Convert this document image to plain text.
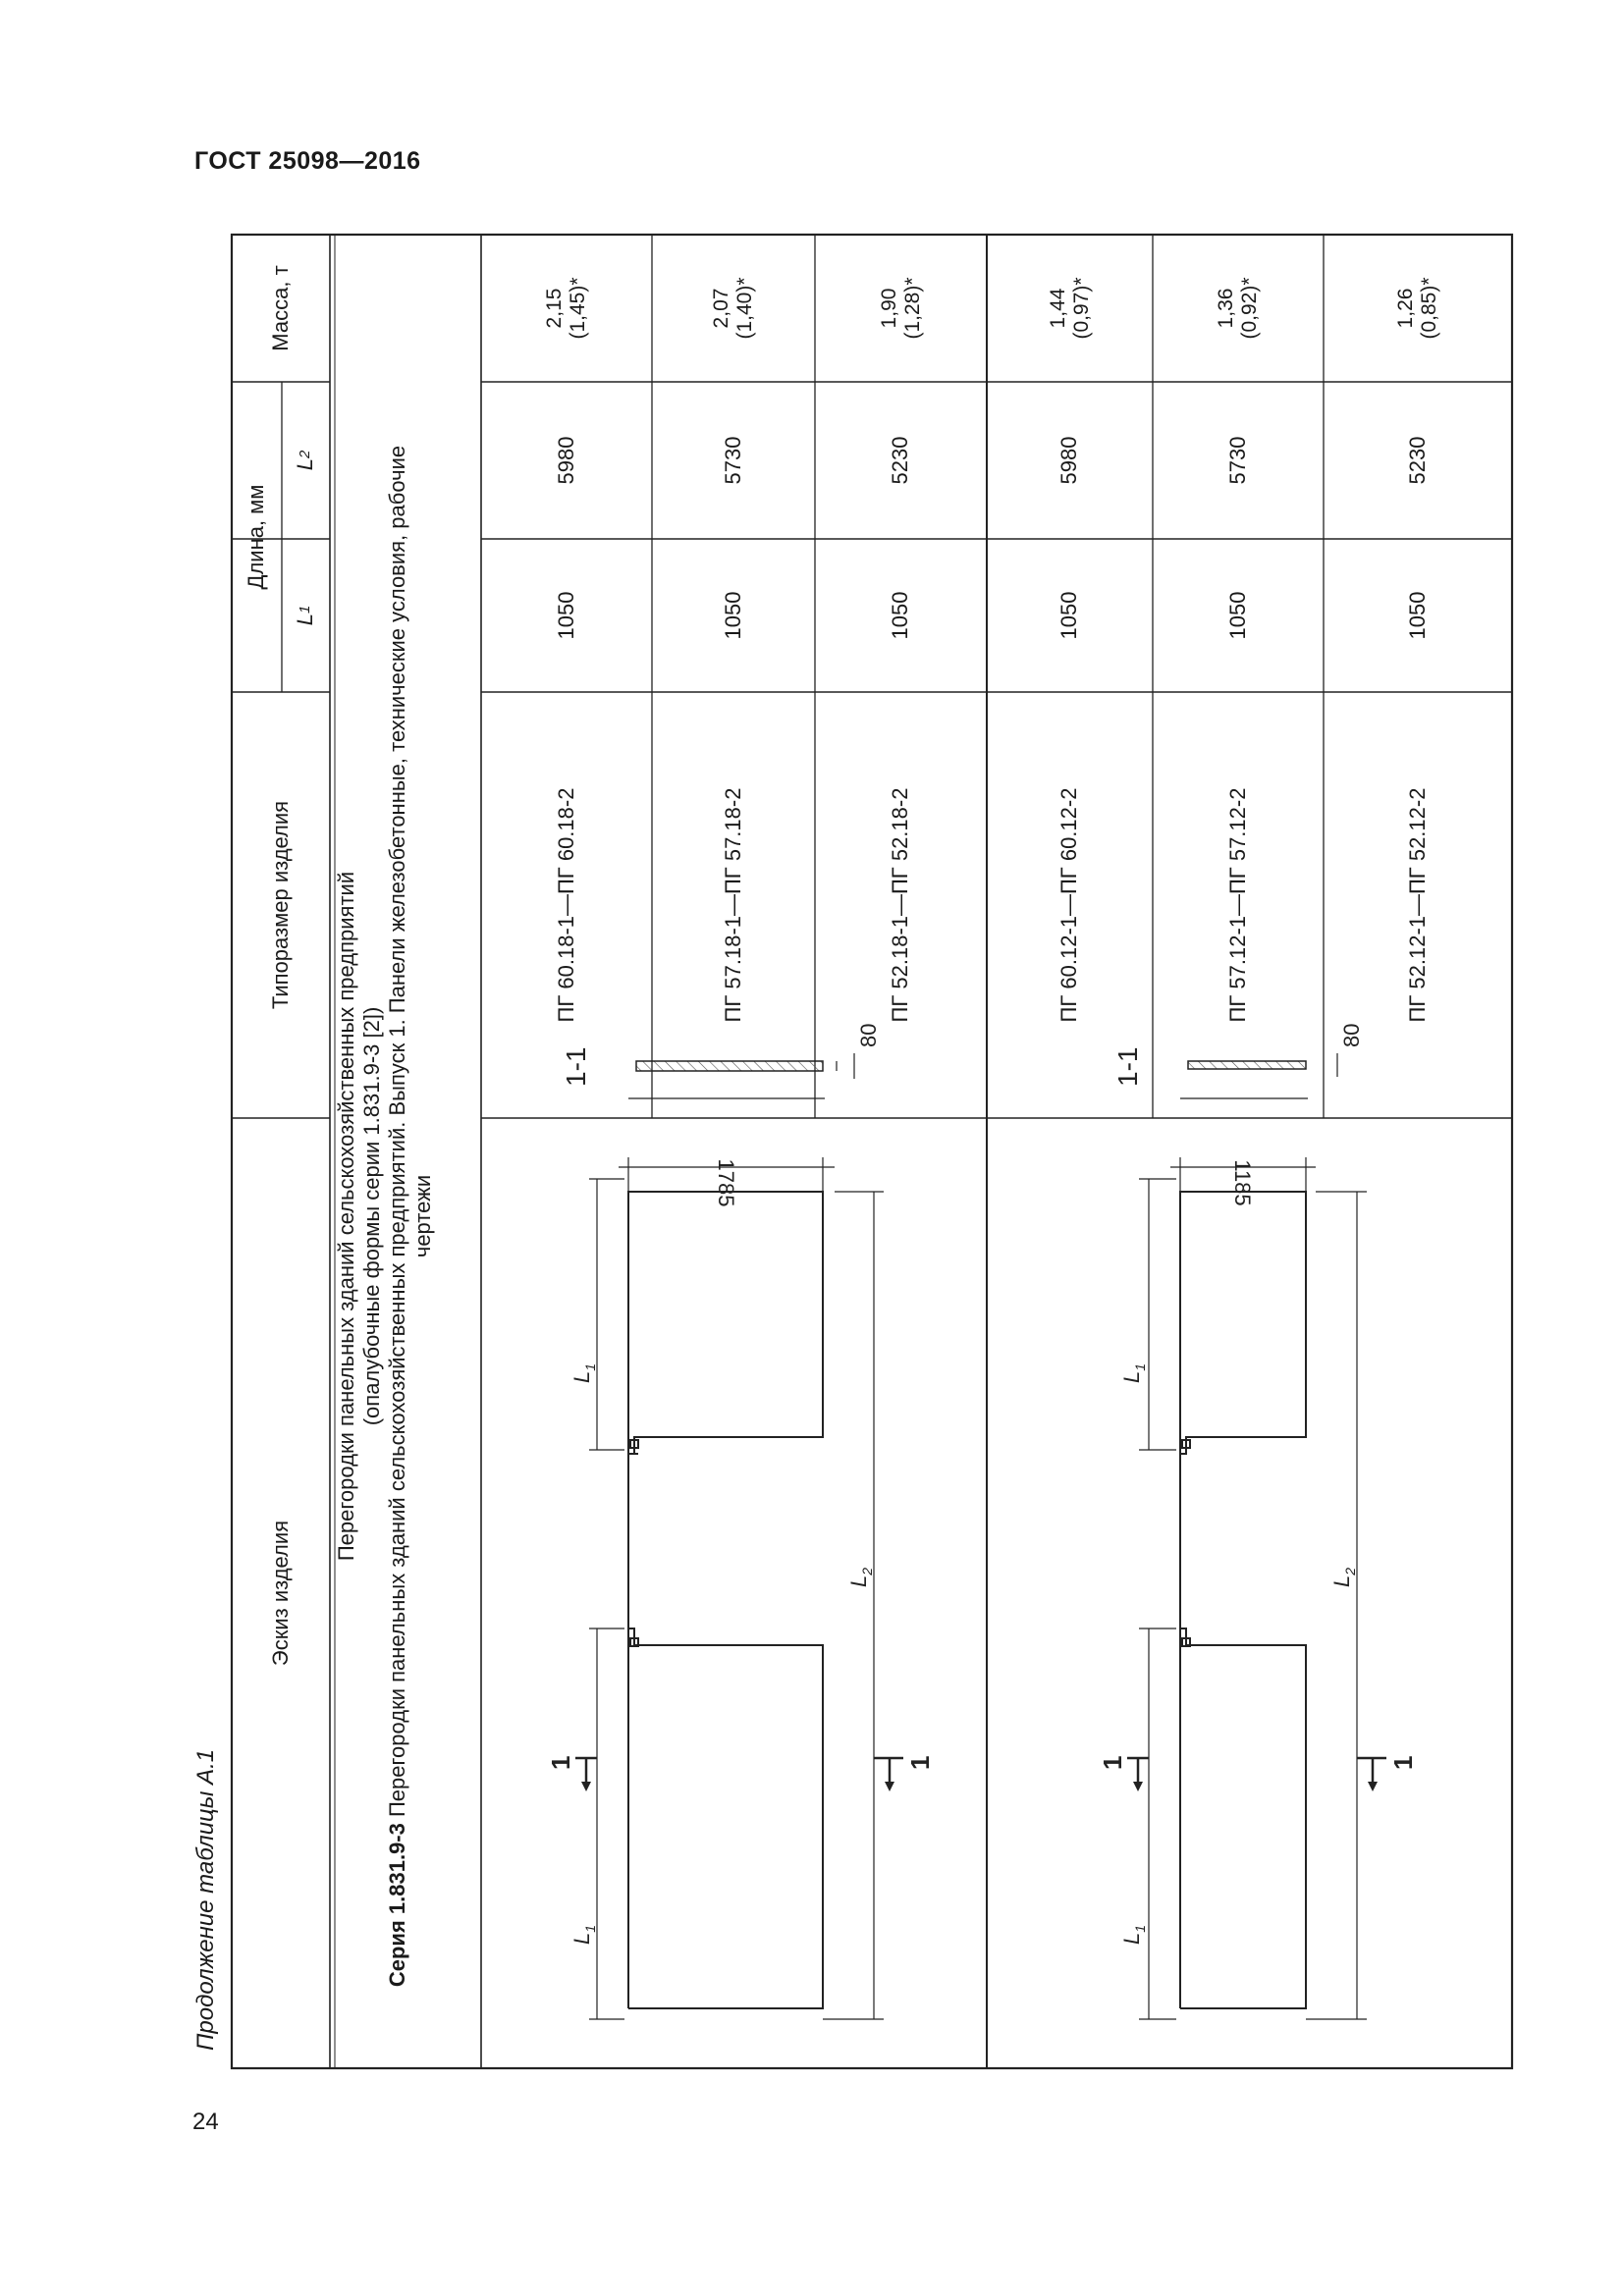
ГОСТ 25098—2016
24
Продолжение таблицы А.1
Эскиз изделия
Типоразмер изделия
Длина, мм
L
1
L
2
Масса, т
Перегородки панельных зданий сельскохозяйственных предприятий (опалубочные формы серии 1.831.9-3 [2])
Серия 1.831.9-3 Перегородки панельных зданий сельскохозяйственных предприятий. Выпуск 1. Панели железобетонные, технические условия, рабочие чертежи
ПГ 60.18-1—ПГ 60.18-2
1050
5980
2,15 (1,45)*
ПГ 57.18-1—ПГ 57.18-2
1050
5730
2,07 (1,40)*
ПГ 52.18-1—ПГ 52.18-2
1050
5230
1,90 (1,28)*
ПГ 60.12-1—ПГ 60.12-2
1050
5980
1,44 (0,97)*
ПГ 57.12-1—ПГ 57.12-2
1050
5730
1,36 (0,92)*
ПГ 52.12-1—ПГ 52.12-2
1050
5230
1,26 (0,85)*
$L_1$
$L_1$
$L_2$
1785
1-1
80
1	1
$L_1$
$L_1$
$L_2$
1185
1-1
80
1	1
